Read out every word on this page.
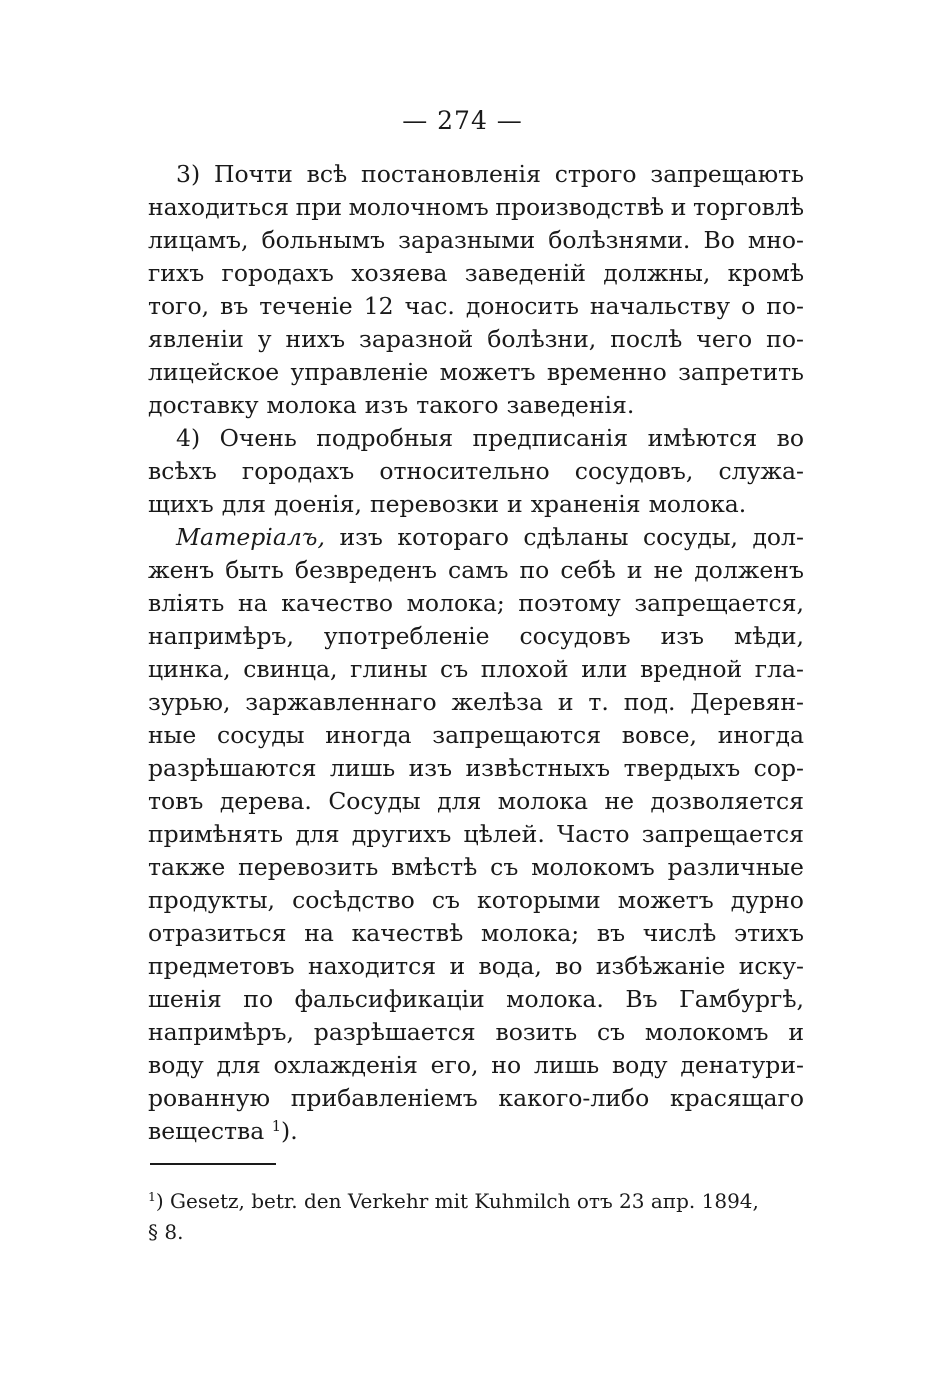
— 274 —
3) Почти всѣ постановленія строго запрещають
находиться при молочномъ производствѣ и торговлѣ
лицамъ, больнымъ заразными болѣзнями. Во мно-
гихъ городахъ хозяева заведеній должны, кромѣ
того, въ теченіе 12 час. доносить начальству о по-
явленіи у нихъ заразной болѣзни, послѣ чего по-
лицейское управленіе можетъ временно запретить
доставку молока изъ такого заведенія.
4) Очень подробныя предписанія имѣются во
всѣхъ городахъ относительно сосудовъ, служа-
щихъ для доенія, перевозки и храненія молока.
Матеріалъ, изъ котораго сдѣланы сосуды, дол-
женъ быть безвреденъ самъ по себѣ и не долженъ
вліять на качество молока; поэтому запрещается,
напримѣръ, употребленіе сосудовъ изъ мѣди,
цинка, свинца, глины съ плохой или вредной гла-
зурью, заржавленнаго желѣза и т. под. Деревян-
ные сосуды иногда запрещаются вовсе, иногда
разрѣшаются лишь изъ извѣстныхъ твердыхъ сор-
товъ дерева. Сосуды для молока не дозволяется
примѣнять для другихъ цѣлей. Часто запрещается
также перевозить вмѣстѣ съ молокомъ различные
продукты, сосѣдство съ которыми можетъ дурно
отразиться на качествѣ молока; въ числѣ этихъ
предметовъ находится и вода, во избѣжаніе иску-
шенія по фальсификаціи молока. Въ Гамбургѣ,
напримѣръ, разрѣшается возить съ молокомъ и
воду для охлажденія его, но лишь воду денатури-
рованную прибавленіемъ какого-либо красящаго
вещества $^1$).
$^1$) Gesetz, betr. den Verkehr mit Kuhmilch отъ 23 апр. 1894,
§ 8.
